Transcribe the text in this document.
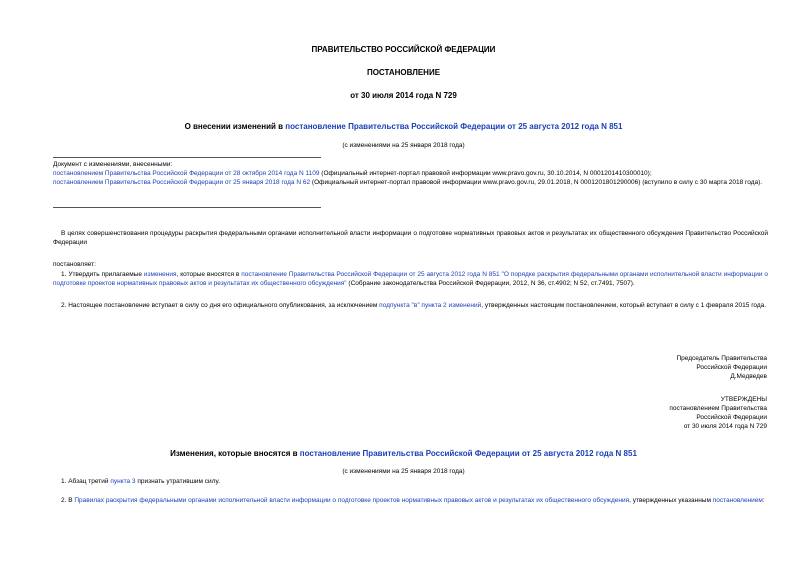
ПРАВИТЕЛЬСТВО РОССИЙСКОЙ ФЕДЕРАЦИИ
ПОСТАНОВЛЕНИЕ
от 30 июля 2014 года N 729
О внесении изменений в постановление Правительства Российской Федерации от 25 августа 2012 года N 851
(с изменениями на 25 января 2018 года)
Документ с изменениями, внесенными:
постановлением Правительства Российской Федерации от 28 октября 2014 года N 1109 (Официальный интернет-портал правовой информации www.pravo.gov.ru, 30.10.2014, N 0001201410300010);
постановлением Правительства Российской Федерации от 25 января 2018 года N 62 (Официальный интернет-портал правовой информации www.pravo.gov.ru, 29.01.2018, N 0001201801290006) (вступило в силу с 30 марта 2018 года).
В целях совершенствования процедуры раскрытия федеральными органами исполнительной власти информации о подготовке нормативных правовых актов и результатах их общественного обсуждения Правительство Российской Федерации
постановляет:
1. Утвердить прилагаемые изменения, которые вносятся в постановление Правительства Российской Федерации от 25 августа 2012 года N 851 "О порядке раскрытия федеральными органами исполнительной власти информации о подготовке проектов нормативных правовых актов и результатах их общественного обсуждения" (Собрание законодательства Российской Федерации, 2012, N 36, ст.4902; N 52, ст.7491, 7507).
2. Настоящее постановление вступает в силу со дня его официального опубликования, за исключением подпункта "в" пункта 2 изменений, утвержденных настоящим постановлением, который вступает в силу с 1 февраля 2015 года.
Председатель Правительства
Российской Федерации
Д.Медведев
УТВЕРЖДЕНЫ
постановлением Правительства
Российской Федерации
от 30 июля 2014 года N 729
Изменения, которые вносятся в постановление Правительства Российской Федерации от 25 августа 2012 года N 851
(с изменениями на 25 января 2018 года)
1. Абзац третий пункта 3 признать утратившим силу.
2. В Правилах раскрытия федеральными органами исполнительной власти информации о подготовке проектов нормативных правовых актов и результатах их общественного обсуждения, утвержденных указанным постановлением:
